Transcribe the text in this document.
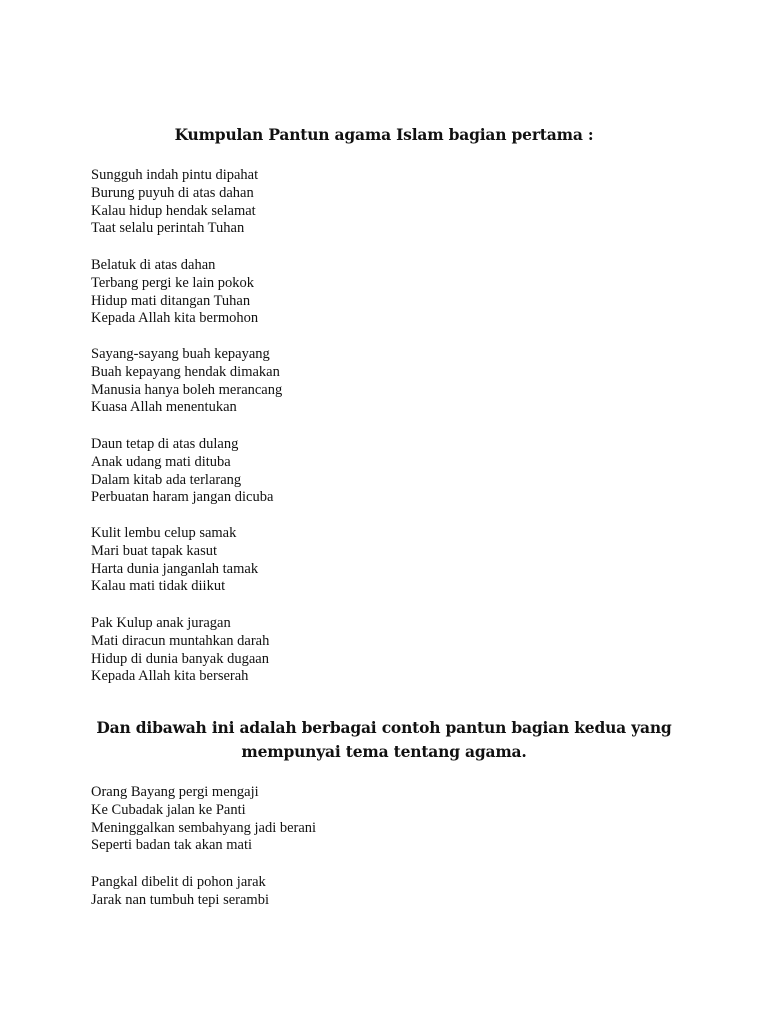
Kumpulan Pantun agama Islam bagian pertama :
Sungguh indah pintu dipahat
Burung puyuh di atas dahan
Kalau hidup hendak selamat
Taat selalu perintah Tuhan
Belatuk di atas dahan
Terbang pergi ke lain pokok
Hidup mati ditangan Tuhan
Kepada Allah kita bermohon
Sayang-sayang buah kepayang
Buah kepayang hendak dimakan
Manusia hanya boleh merancang
Kuasa Allah menentukan
Daun tetap di atas dulang
Anak udang mati dituba
Dalam kitab ada terlarang
Perbuatan haram jangan dicuba
Kulit lembu celup samak
Mari buat tapak kasut
Harta dunia janganlah tamak
Kalau mati tidak diikut
Pak Kulup anak juragan
Mati diracun muntahkan darah
Hidup di dunia banyak dugaan
Kepada Allah kita berserah
Dan dibawah ini adalah berbagai contoh pantun bagian kedua yang mempunyai tema tentang agama.
Orang Bayang pergi mengaji
Ke Cubadak jalan ke Panti
Meninggalkan sembahyang jadi berani
Seperti badan tak akan mati
Pangkal dibelit di pohon jarak
Jarak nan tumbuh tepi serambi
